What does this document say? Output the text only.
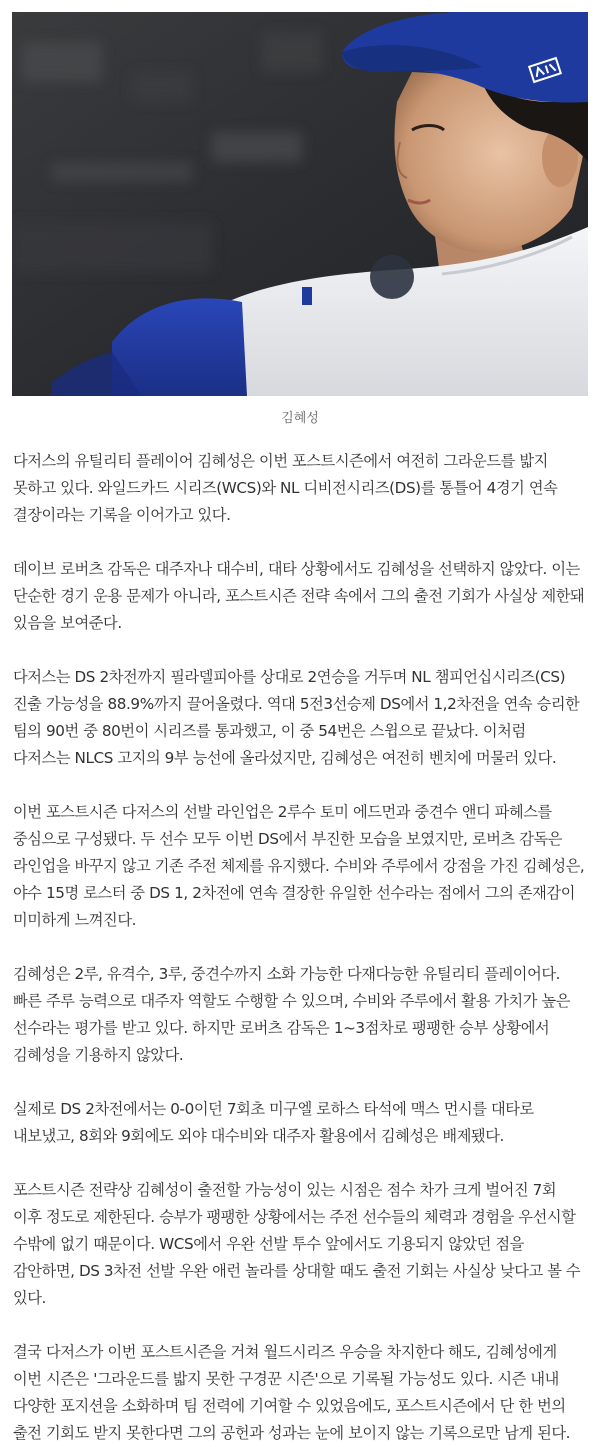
김혜성

다저스의 유틸리티 플레이어 김혜성은 이번 포스트시즌에서 여전히 그라운드를 밟지 못하고 있다. 와일드카드 시리즈(WCS)와 NL 디비전시리즈(DS)를 통틀어 4경기 연속 결장이라는 기록을 이어가고 있다.

데이브 로버츠 감독은 대주자나 대수비, 대타 상황에서도 김혜성을 선택하지 않았다. 이는 단순한 경기 운용 문제가 아니라, 포스트시즌 전략 속에서 그의 출전 기회가 사실상 제한돼 있음을 보여준다.

다저스는 DS 2차전까지 필라델피아를 상대로 2연승을 거두며 NL 챔피언십시리즈(CS) 진출 가능성을 88.9%까지 끌어올렸다. 역대 5전3선승제 DS에서 1,2차전을 연속 승리한 팀의 90번 중 80번이 시리즈를 통과했고, 이 중 54번은 스윕으로 끝났다. 이처럼 다저스는 NLCS 고지의 9부 능선에 올라섰지만, 김혜성은 여전히 벤치에 머물러 있다.

이번 포스트시즌 다저스의 선발 라인업은 2루수 토미 에드먼과 중견수 앤디 파헤스를 중심으로 구성됐다. 두 선수 모두 이번 DS에서 부진한 모습을 보였지만, 로버츠 감독은 라인업을 바꾸지 않고 기존 주전 체제를 유지했다. 수비와 주루에서 강점을 가진 김혜성은, 야수 15명 로스터 중 DS 1, 2차전에 연속 결장한 유일한 선수라는 점에서 그의 존재감이 미미하게 느껴진다.

김혜성은 2루, 유격수, 3루, 중견수까지 소화 가능한 다재다능한 유틸리티 플레이어다. 빠른 주루 능력으로 대주자 역할도 수행할 수 있으며, 수비와 주루에서 활용 가치가 높은 선수라는 평가를 받고 있다. 하지만 로버츠 감독은 1~3점차로 팽팽한 승부 상황에서 김혜성을 기용하지 않았다.

실제로 DS 2차전에서는 0-0이던 7회초 미구엘 로하스 타석에 맥스 먼시를 대타로 내보냈고, 8회와 9회에도 외야 대수비와 대주자 활용에서 김혜성은 배제됐다.

포스트시즌 전략상 김혜성이 출전할 가능성이 있는 시점은 점수 차가 크게 벌어진 7회 이후 정도로 제한된다. 승부가 팽팽한 상황에서는 주전 선수들의 체력과 경험을 우선시할 수밖에 없기 때문이다. WCS에서 우완 선발 투수 앞에서도 기용되지 않았던 점을 감안하면, DS 3차전 선발 우완 애런 놀라를 상대할 때도 출전 기회는 사실상 낮다고 볼 수 있다.

결국 다저스가 이번 포스트시즌을 거쳐 월드시리즈 우승을 차지한다 해도, 김혜성에게 이번 시즌은 '그라운드를 밟지 못한 구경꾼 시즌'으로 기록될 가능성도 있다. 시즌 내내 다양한 포지션을 소화하며 팀 전력에 기여할 수 있었음에도, 포스트시즌에서 단 한 번의 출전 기회도 받지 못한다면 그의 공헌과 성과는 눈에 보이지 않는 기록으로만 남게 된다.
